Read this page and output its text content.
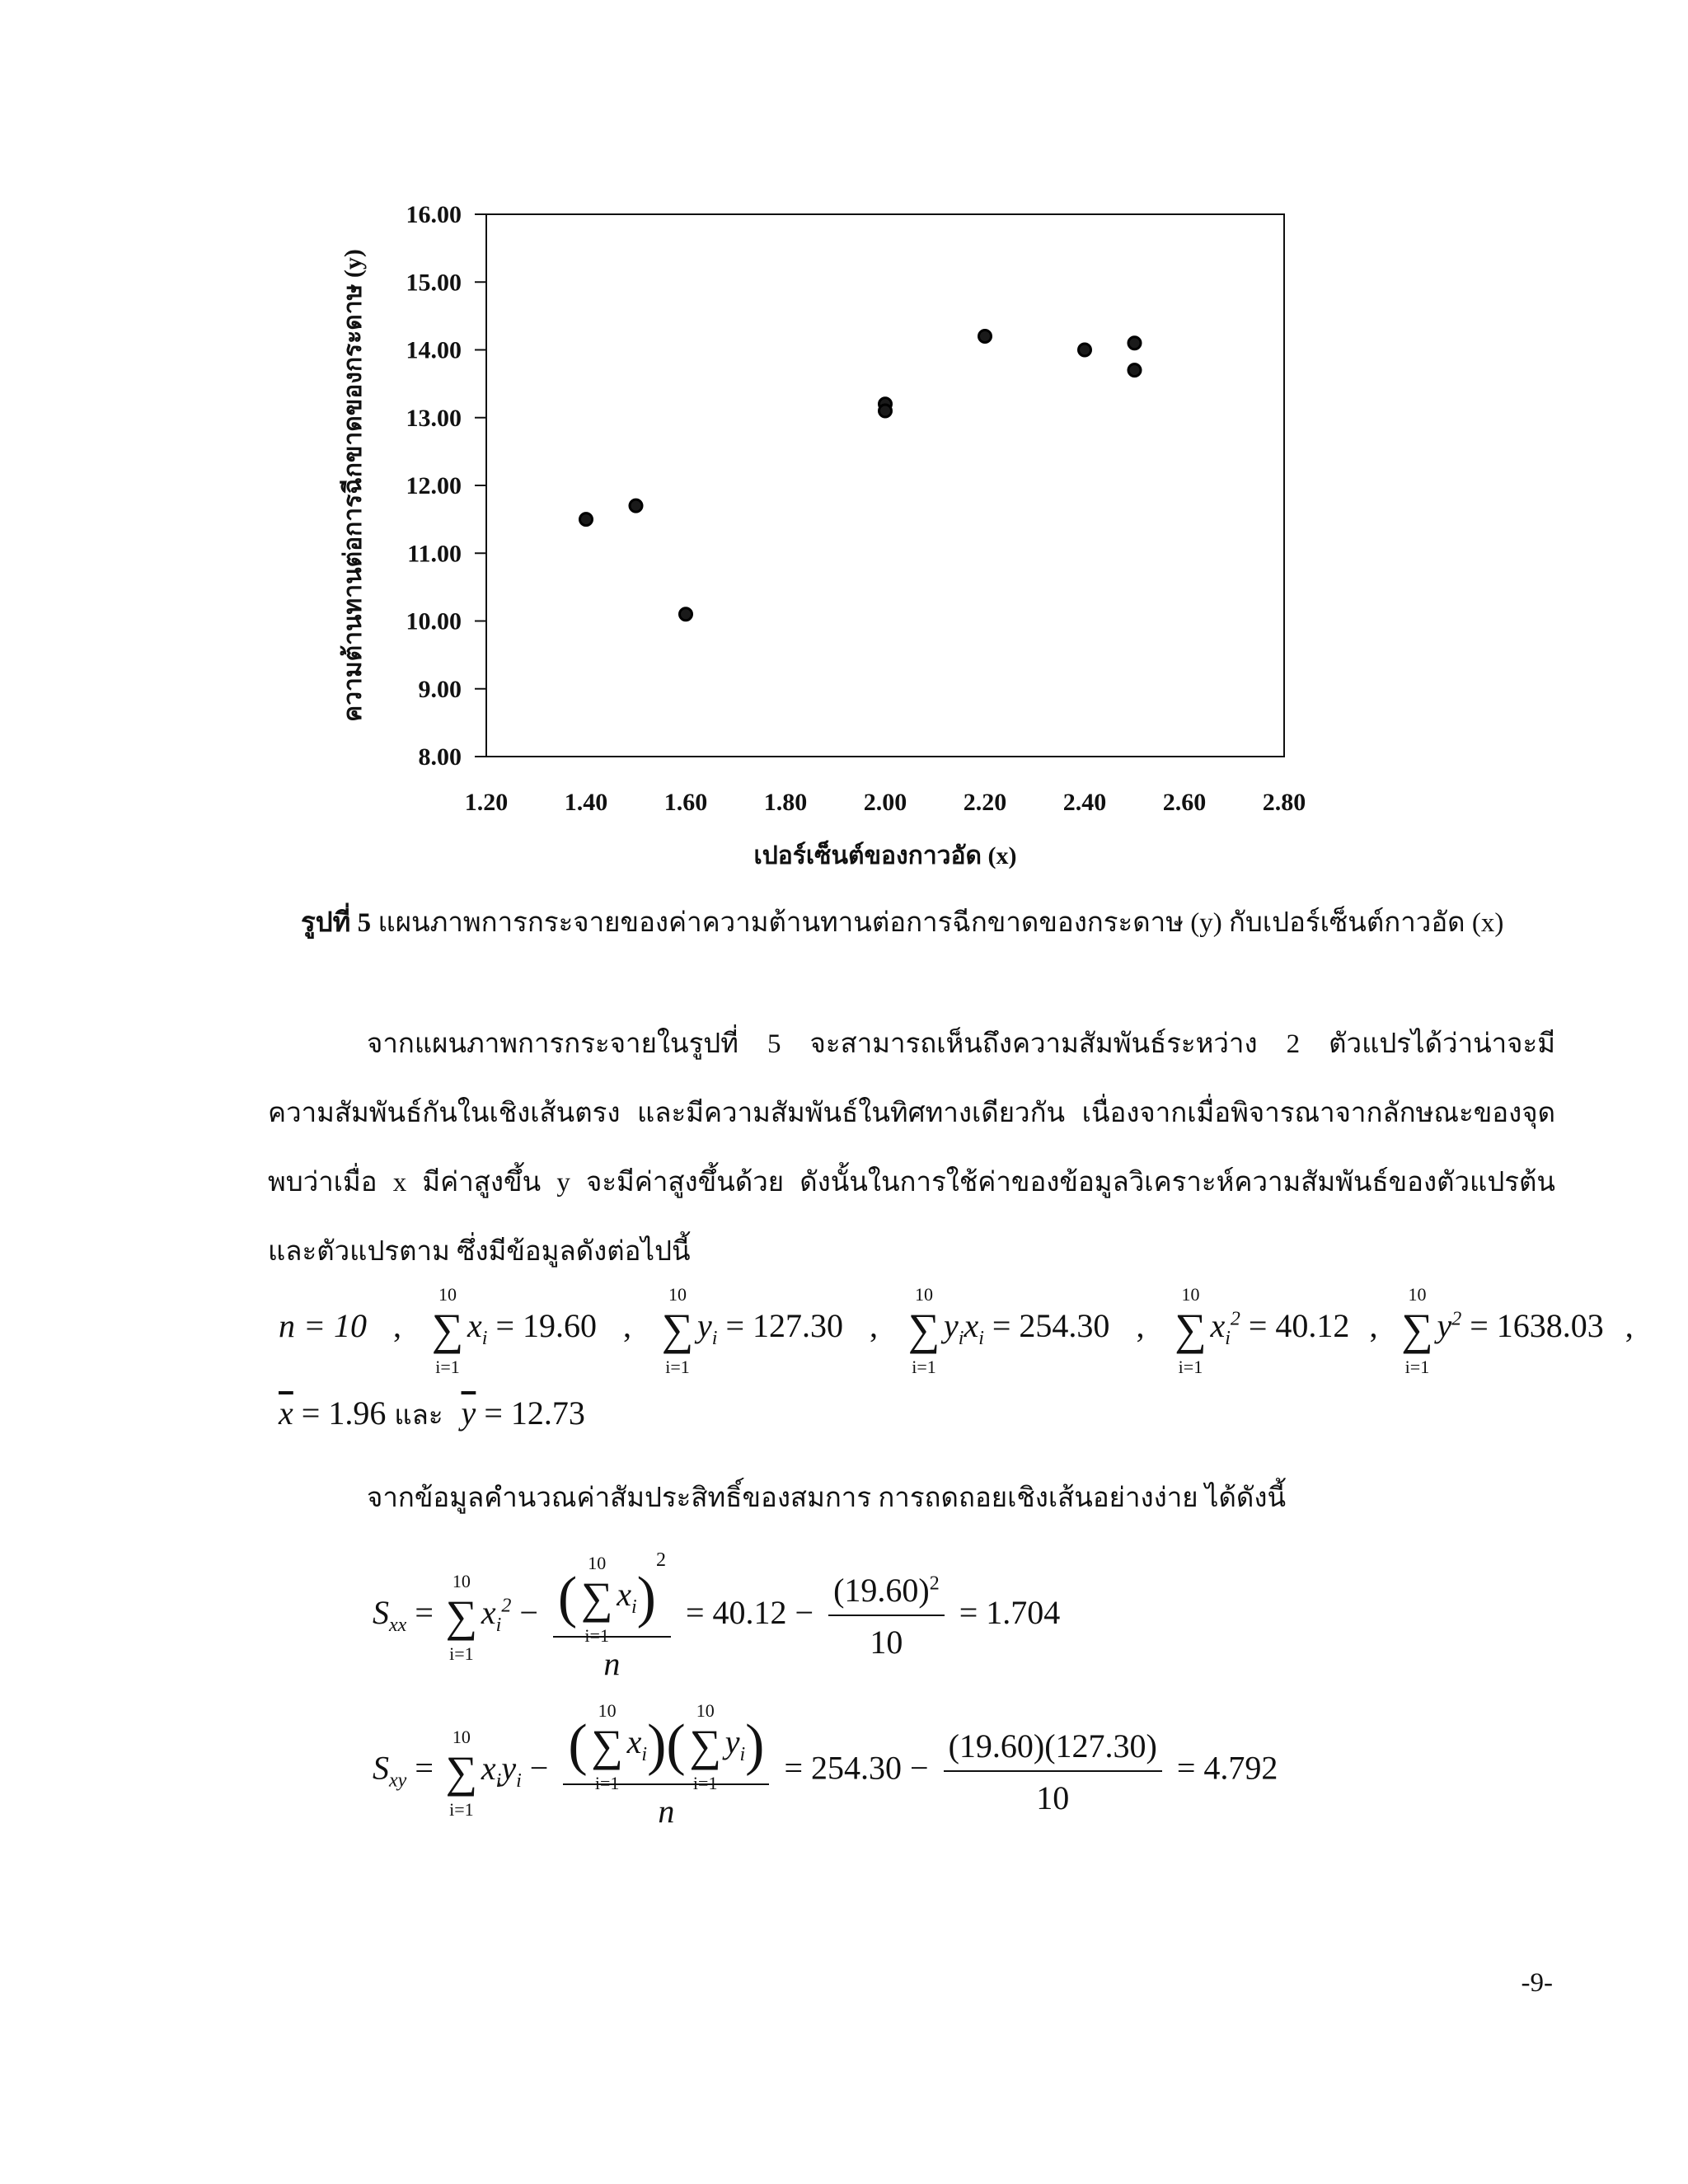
8.00
9.00
10.00
11.00
12.00
13.00
14.00
15.00
16.00
1.20 1.40 1.60 1.80 2.00 2.20 2.40 2.60 2.80
เปอร์เซ็นต์ของกาวอัด (x)
ความต้านทานต่อการฉีกขาดของกระดาษ (y)
รูปที่ 5 แผนภาพการกระจายของค่าความต้านทานต่อการฉีกขาดของกระดาษ (y) กับเปอร์เซ็นต์กาวอัด (x)
จากแผนภาพการกระจายในรูปที่ 5 จะสามารถเห็นถึงความสัมพันธ์ระหว่าง 2 ตัวแปรได้ว่าน่าจะมี
ความสัมพันธ์กันในเชิงเส้นตรง และมีความสัมพันธ์ในทิศทางเดียวกัน เนื่องจากเมื่อพิจารณาจากลักษณะของจุด
พบว่าเมื่อ x มีค่าสูงขึ้น y จะมีค่าสูงขึ้นด้วย ดังนั้นในการใช้ค่าของข้อมูลวิเคราะห์ความสัมพันธ์ของตัวแปรต้น
และตัวแปรตาม ซึ่งมีข้อมูลดังต่อไปนี้
n = 10 , ∑
10
i=1
$x_i = 19.60$ , ∑
10
i=1
$y_i = 127.30$ , ∑
10
i=1
$y_ix_i = 254.30$ , ∑
10
i=1
$x_i^2 = 40.12$ , ∑
10
i=1
$y^2 = 1638.03$ ,
$\overline{x} = 1.96$ และ $\overline{y} = 12.73$
จากข้อมูลคำนวณค่าสัมประสิทธิ์ของสมการ การถดถอยเชิงเส้นอย่างง่าย ได้ดังนี้
$S_{xx}$ = ∑
10
i=1
$x_i^2$ − (∑
10
i=1
$x_i)^2$
$n = 40.12 - \frac{(19.60)^2}{10} = 1.704$
$S_{xy}$ = ∑
10
i=1
$x_iy_i$ − (∑
10
i=1
$x_i)(\sum$
10
i=1
$y_i$)
$n = 254.30 - \frac{(19.60)(127.30)}{10} = 4.792$
-9-
